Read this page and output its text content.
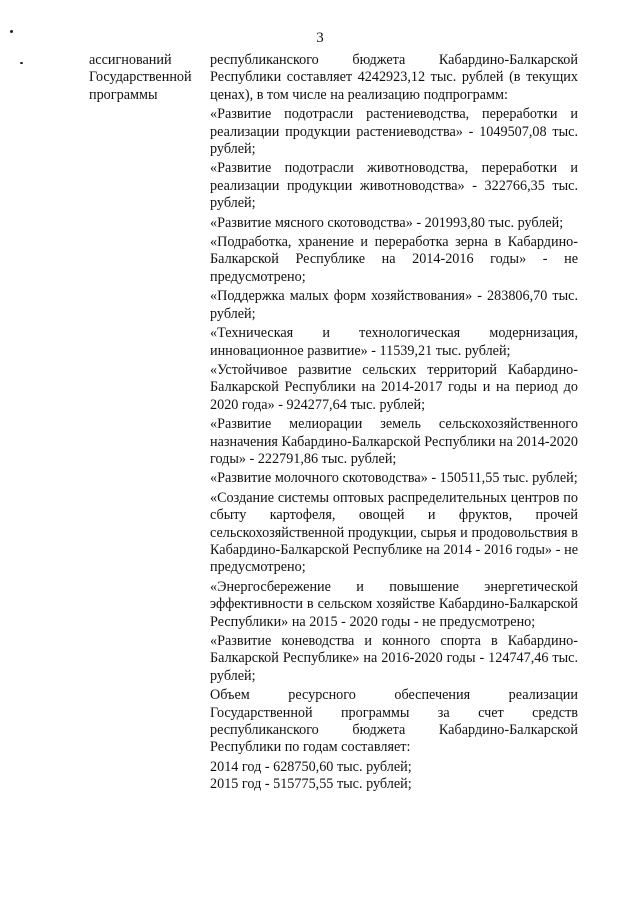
3
ассигнований
Государственной
программы

республиканского бюджета Кабардино-Балкарской Республики составляет 4242923,12 тыс. рублей (в текущих ценах), в том числе на реализацию подпрограмм:

«Развитие подотрасли растениеводства, переработки и реализации продукции растениеводства» - 1049507,08 тыс. рублей;

«Развитие подотрасли животноводства, переработки и реализации продукции животноводства» - 322766,35 тыс. рублей;

«Развитие мясного скотоводства» - 201993,80 тыс. рублей;

«Подработка, хранение и переработка зерна в Кабардино-Балкарской Республике на 2014-2016 годы» - не предусмотрено;

«Поддержка малых форм хозяйствования» - 283806,70 тыс. рублей;

«Техническая и технологическая модернизация, инновационное развитие» - 11539,21 тыс. рублей;

«Устойчивое развитие сельских территорий Кабардино-Балкарской Республики на 2014-2017 годы и на период до 2020 года» - 924277,64 тыс. рублей;

«Развитие мелиорации земель сельскохозяйственного назначения Кабардино-Балкарской Республики на 2014-2020 годы» - 222791,86 тыс. рублей;

«Развитие молочного скотоводства» - 150511,55 тыс. рублей;

«Создание системы оптовых распределительных центров по сбыту картофеля, овощей и фруктов, прочей сельскохозяйственной продукции, сырья и продовольствия в Кабардино-Балкарской Республике на 2014 - 2016 годы» - не предусмотрено;

«Энергосбережение и повышение энергетической эффективности в сельском хозяйстве Кабардино-Балкарской Республики» на 2015 - 2020 годы - не предусмотрено;

«Развитие коневодства и конного спорта в Кабардино-Балкарской Республике» на 2016-2020 годы - 124747,46 тыс. рублей;

Объем ресурсного обеспечения реализации Государственной программы за счет средств республиканского бюджета Кабардино-Балкарской Республики по годам составляет:

2014 год - 628750,60 тыс. рублей;
2015 год - 515775,55 тыс. рублей;
